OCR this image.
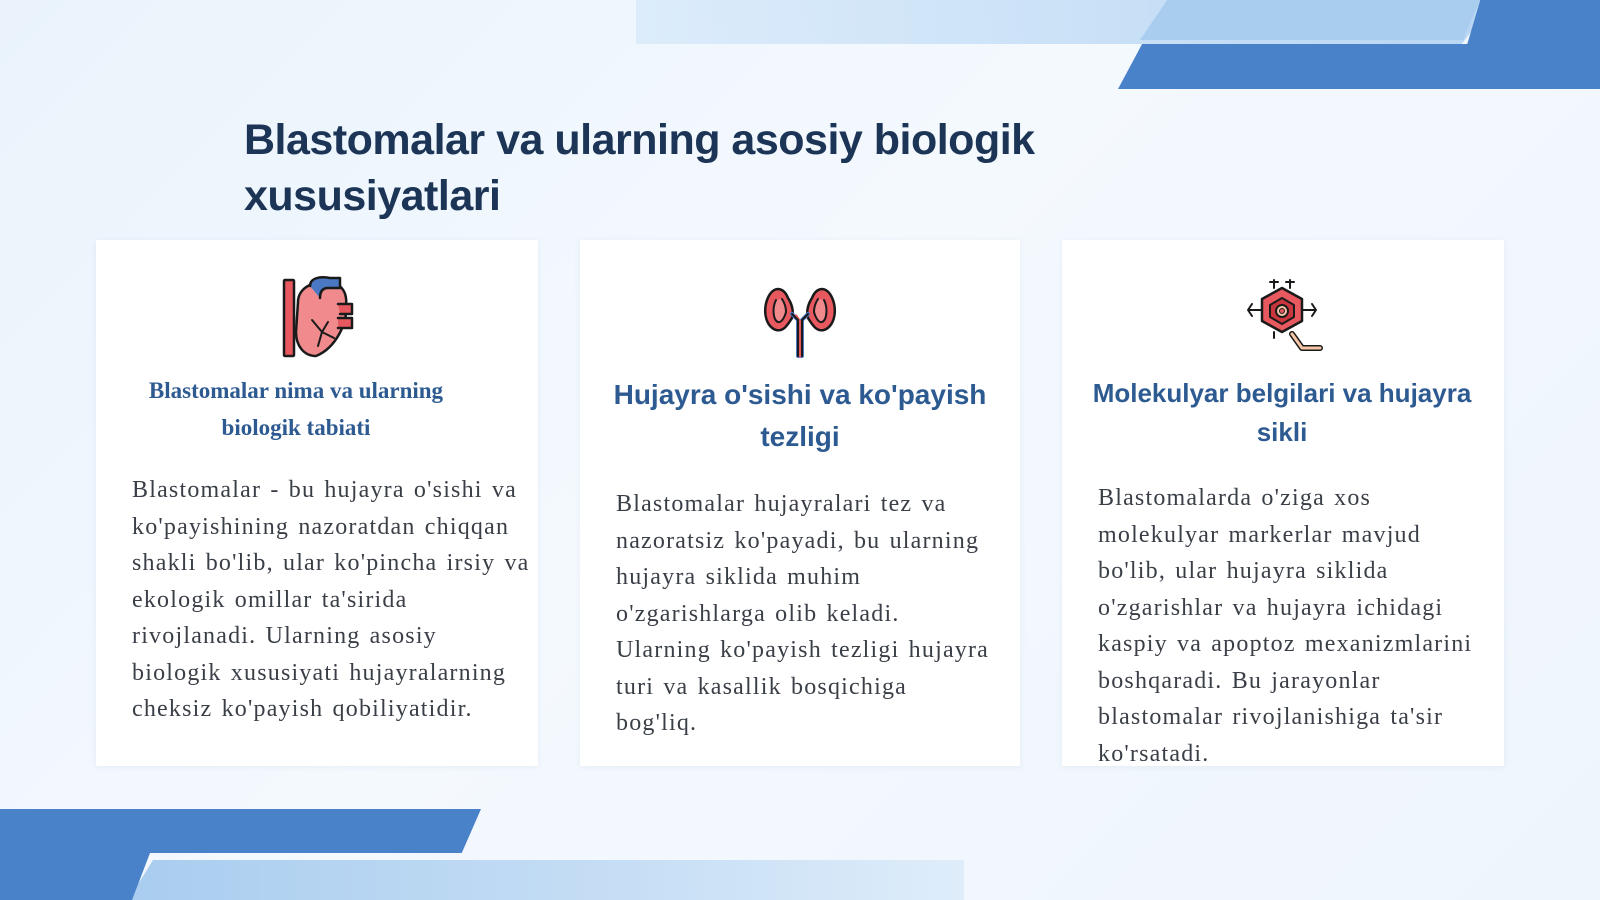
Blastomalar va ularning asosiy biologik xususiyatlari
Blastomalar nima va ularning biologik tabiati

Blastomalar - bu hujayra o'sishi va ko'payishining nazoratdan chiqqan shakli bo'lib, ular ko'pincha irsiy va ekologik omillar ta'sirida rivojlanadi. Ularning asosiy biologik xususiyati hujayralarning cheksiz ko'payish qobiliyatidir.

Hujayra o'sishi va ko'payish tezligi

Blastomalar hujayralari tez va nazoratsiz ko'payadi, bu ularning hujayra siklida muhim o'zgarishlarga olib keladi. Ularning ko'payish tezligi hujayra turi va kasallik bosqichiga bog'liq.

Molekulyar belgilari va hujayra sikli

Blastomalarda o'ziga xos molekulyar markerlar mavjud bo'lib, ular hujayra siklida o'zgarishlar va hujayra ichidagi kaspiy va apoptoz mexanizmlarini boshqaradi. Bu jarayonlar blastomalar rivojlanishiga ta'sir ko'rsatadi.
